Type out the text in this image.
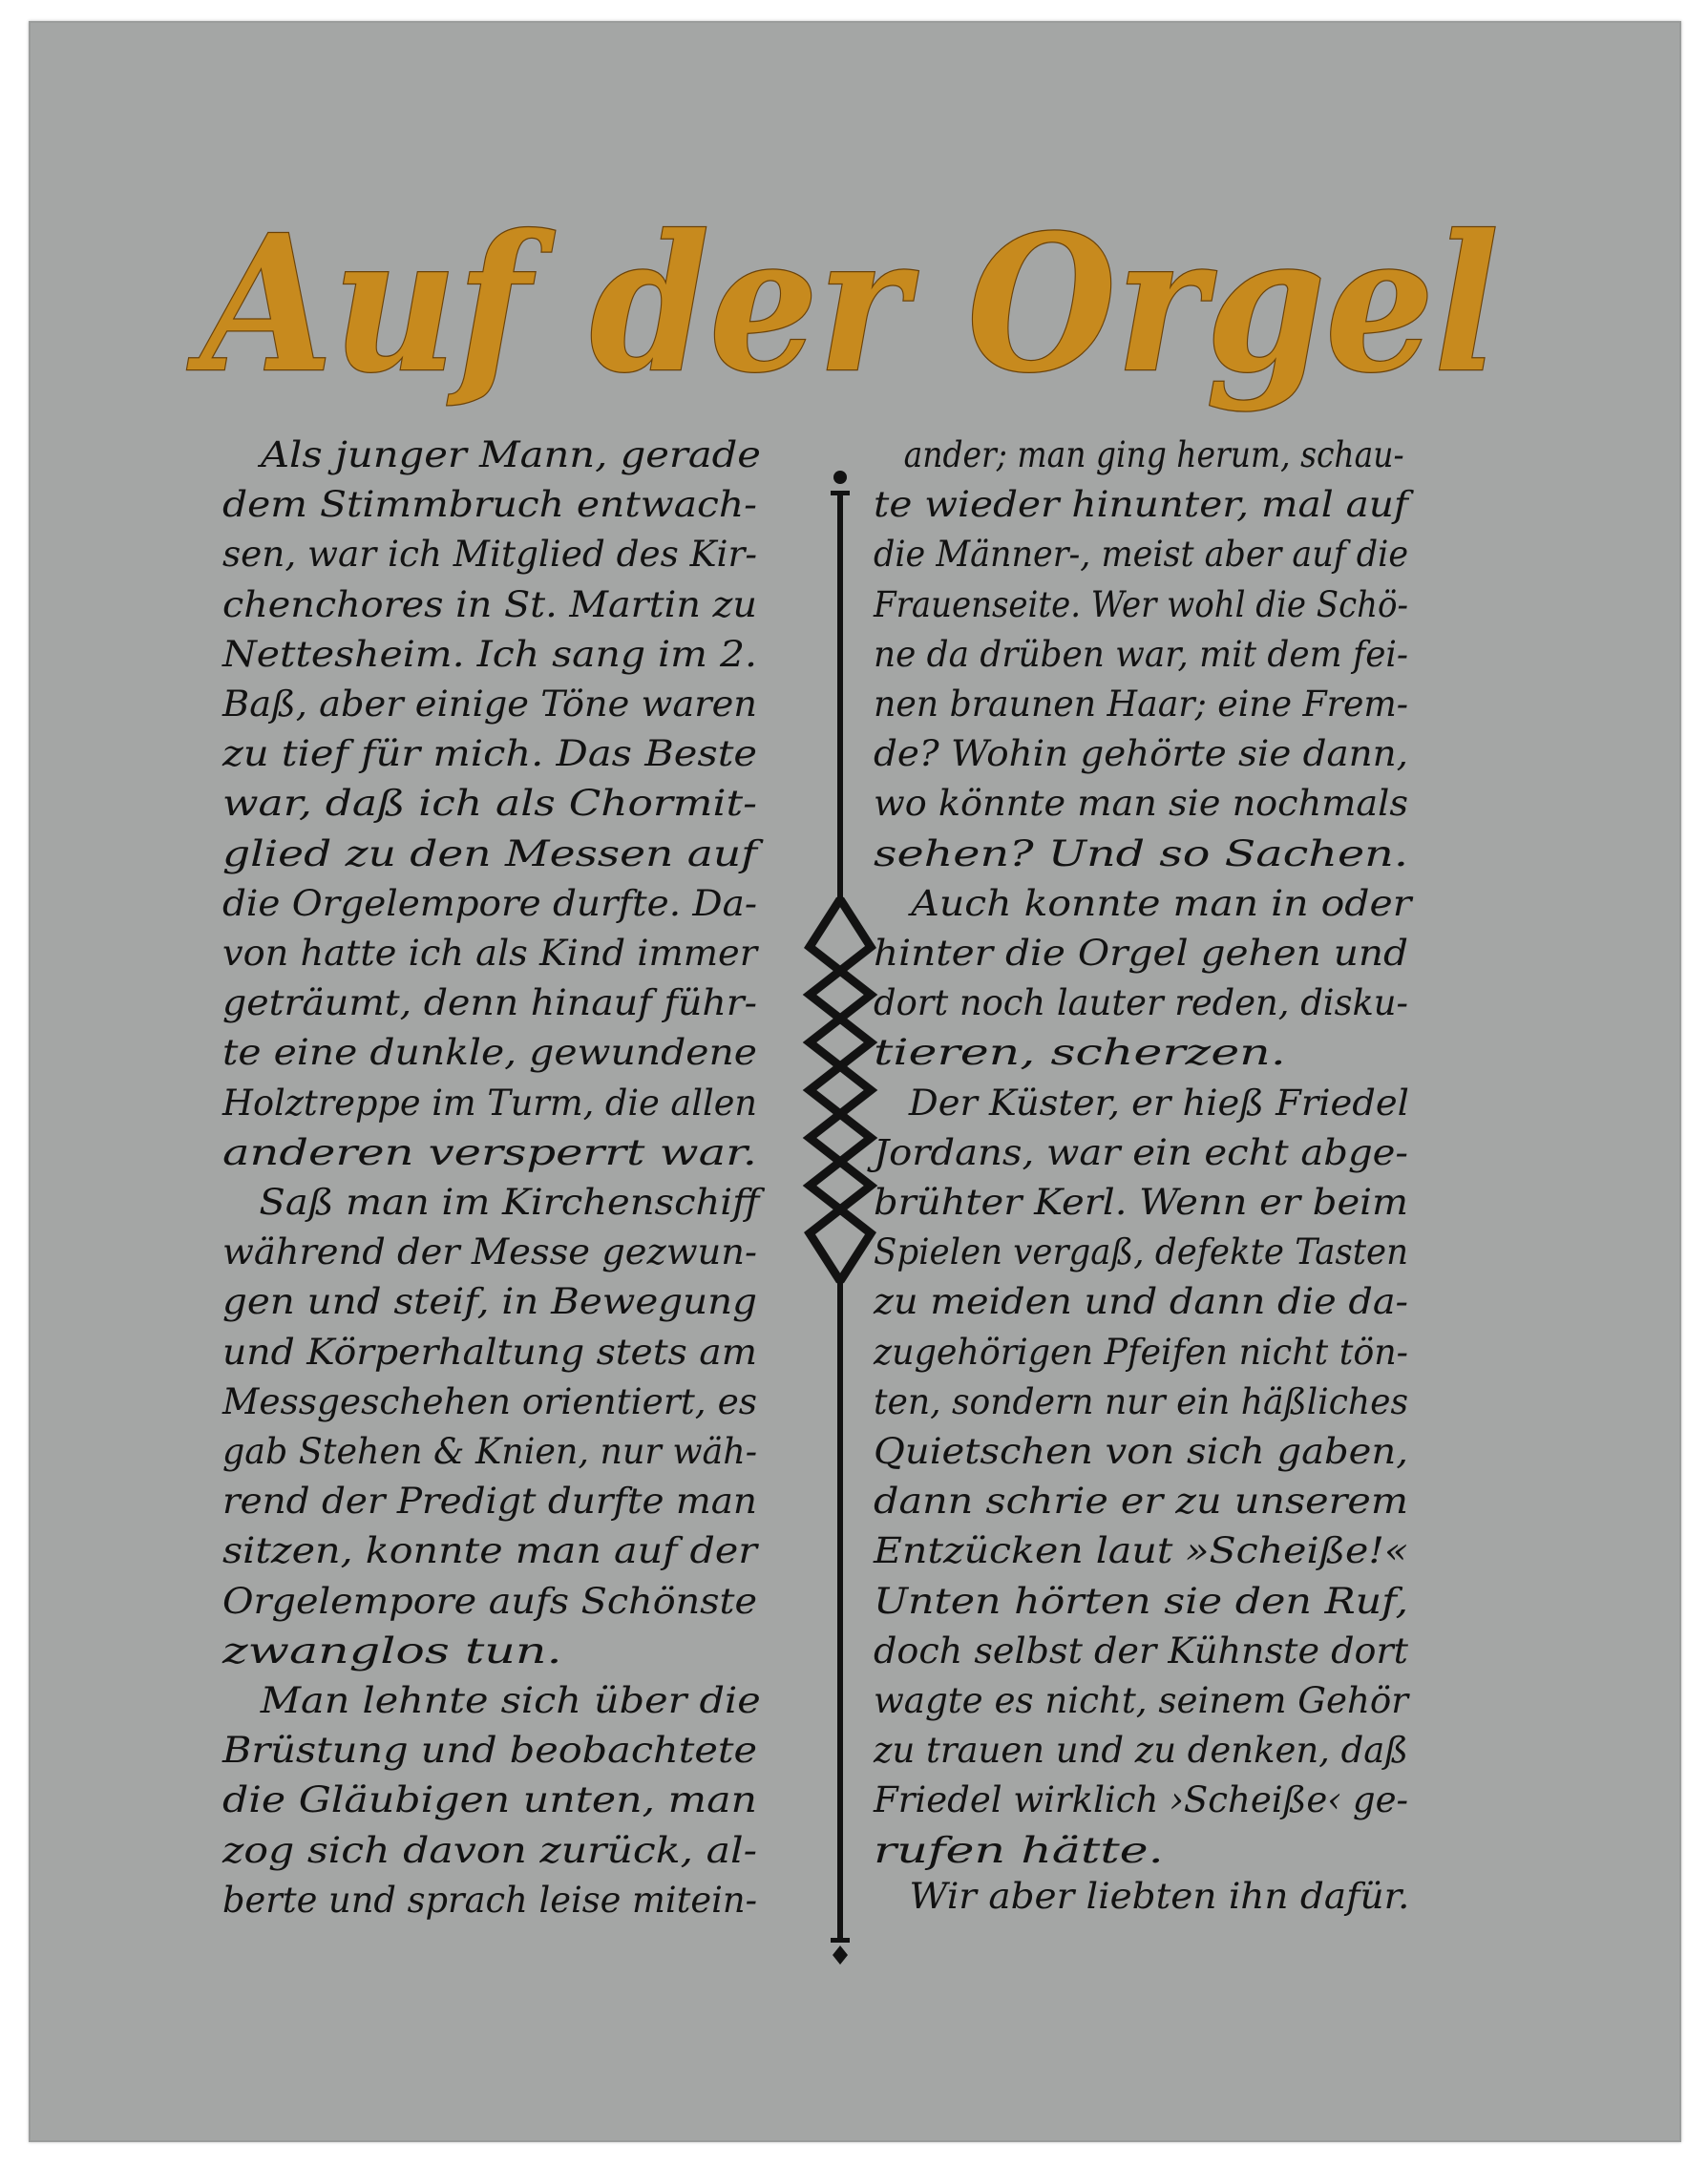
Auf der Orgel

Als junger Mann, gerade
dem Stimmbruch entwach-
sen, war ich Mitglied des Kir-
chenchores in St. Martin zu
Nettesheim. Ich sang im 2.
Baß, aber einige Töne waren
zu tief für mich. Das Beste
war, daß ich als Chormit-
glied zu den Messen auf
die Orgelempore durfte. Da-
von hatte ich als Kind immer
geträumt, denn hinauf führ-
te eine dunkle, gewundene
Holztreppe im Turm, die allen
anderen versperrt war.

Saß man im Kirchenschiff
während der Messe gezwun-
gen und steif, in Bewegung
und Körperhaltung stets am
Messgeschehen orientiert, es
gab Stehen & Knien, nur wäh-
rend der Predigt durfte man
sitzen, konnte man auf der
Orgelempore aufs Schönste
zwanglos tun.

Man lehnte sich über die
Brüstung und beobachtete
die Gläubigen unten, man
zog sich davon zurück, al-
berte und sprach leise mitein-

ander; man ging herum, schau-
te wieder hinunter, mal auf
die Männer-, meist aber auf die
Frauenseite. Wer wohl die Schö-
ne da drüben war, mit dem fei-
nen braunen Haar; eine Frem-
de? Wohin gehörte sie dann,
wo könnte man sie nochmals
sehen? Und so Sachen.

Auch konnte man in oder
hinter die Orgel gehen und
dort noch lauter reden, disku-
tieren, scherzen.

Der Küster, er hieß Friedel
Jordans, war ein echt abge-
brühter Kerl. Wenn er beim
Spielen vergaß, defekte Tasten
zu meiden und dann die da-
zugehörigen Pfeifen nicht tön-
ten, sondern nur ein häßliches
Quietschen von sich gaben,
dann schrie er zu unserem
Entzücken laut »Scheiße!«
Unten hörten sie den Ruf,
doch selbst der Kühnste dort
wagte es nicht, seinem Gehör
zu trauen und zu denken, daß
Friedel wirklich ›Scheiße‹ ge-
rufen hätte.

Wir aber liebten ihn dafür.
